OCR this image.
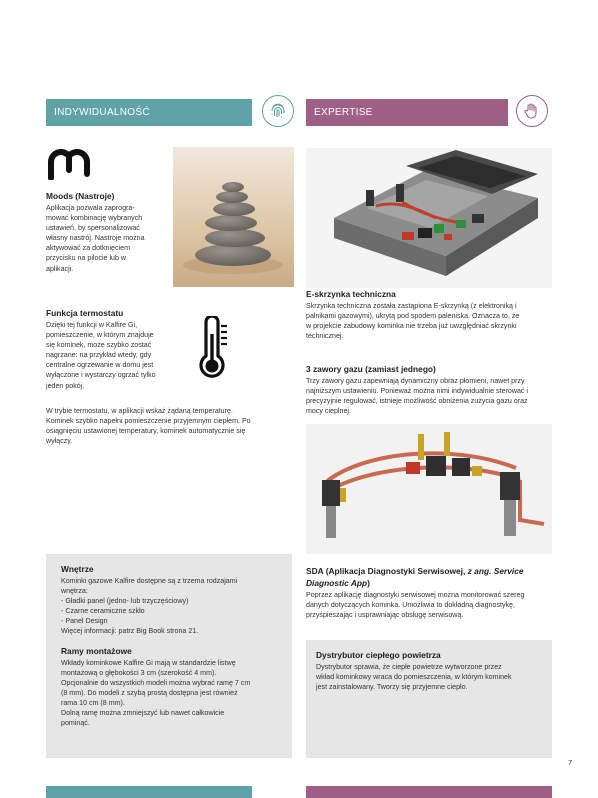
INDYWIDUALNOŚĆ	EXPERTISE
Moods (Nastroje)

Aplikacja pozwala zaprogra-

mować kombinację wybranych

ustawień, by spersonalizować

własny nastrój. Nastroje można

aktywować za dotknięciem

przycisku na pilocie lub w

aplikacji.

Funkcja termostatu

Dzięki tej funkcji w Kalfire Gi,

pomieszczenie, w którym znajduje

się kominek, może szybko zostać

nagrzane: na przykład wtedy, gdy

centralne ogrzewanie w domu jest

wyłączone i wystarczy ogrzać tylko

jeden pokój.

W trybie termostatu, w aplikacji wskaż żądaną temperaturę.

Kominek szybko napełni pomieszczenie przyjemnym ciepłem. Po

osiągnięciu ustawionej temperatury, kominek automatycznie się

wyłączy.

Wnętrze

Kominki gazowe Kalfire dostępne są z trzema rodzajami

wnętrza:

- Gładki panel (jedno- lub trzyczęściowy)
- Czarne ceramiczne szkło
- Panel Design

Więcej informacji: patrz Big Book strona 21.

Ramy montażowe

Wkłady kominkowe Kalfire Gi mają w standardzie listwę

montażową o głębokości 3 cm (szerokość 4 mm).

Opcjonalnie do wszystkich modeli można wybrać ramę 7 cm

(8 mm). Do modeli z szybą prostą dostępna jest również

rama 10 cm (8 mm).

Dolną ramę można zmniejszyć lub nawet całkowicie

pominąć.

E-skrzynka techniczna

Skrzynka techniczna została zastąpiona E-skrzynką (z elektroniką i

palnikami gazowymi), ukrytą pod spodem paleniska. Oznacza to, że

w projekcie zabudowy kominka nie trzeba już uwzględniać skrzynki

technicznej.

3 zawory gazu (zamiast jednego)

Trzy zawory gazu zapewniają dynamiczny obraz płomieni, nawet przy

najniższym ustawieniu. Ponieważ można nimi indywidualnie sterować i

precyzyjnie regulować, istnieje możliwość obniżenia zużycia gazu oraz

mocy cieplnej.

SDA (Aplikacja Diagnostyki Serwisowej, z ang. Service
Diagnostic App)

Poprzez aplikację diagnostyki serwisowej można monitorować szereg

danych dotyczących kominka. Umożliwia to dokładną diagnostykę,

przyśpieszając i usprawniając obsługę serwisową.

Dystrybutor ciepłego powietrza

Dystrybutor sprawia, że ciepłe powietrze wytworzone przez

wkład kominkowy wraca do pomieszczenia, w którym kominek

jest zainstalowany. Tworzy się przyjemne ciepło.

7
